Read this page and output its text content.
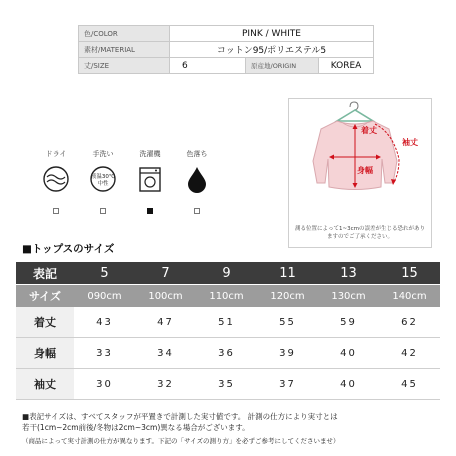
色/COLOR	PINK / WHITE		
素材/MATERIAL	コットン95/ポリエステル5		
丈/SIZE	6	原産地/ORIGIN	KOREA
ドライ	手洗い
液温30℃
中性
洗濯機	色落ち
着丈
袖丈
身幅
測る位置によって1~3cmの誤差が生じる恐れがありますのでご了承ください。
■トップスのサイズ
表記	5	7	9	11	13	15
サイズ	090cm	100cm	110cm	120cm	130cm	140cm
着丈	43	47	51	55	59	62
身幅	33	34	36	39	40	42
袖丈	30	32	35	37	40	45
■表記サイズは、すべてスタッフが平置きで計測した実寸値です。 計測の仕方により実寸とは
若干(1cm~2cm前後/冬物は2cm~3cm)異なる場合がございます。
（商品によって実寸計測の仕方が異なります。下記の「サイズの測り方」を必ずご参考にしてくださいませ）
